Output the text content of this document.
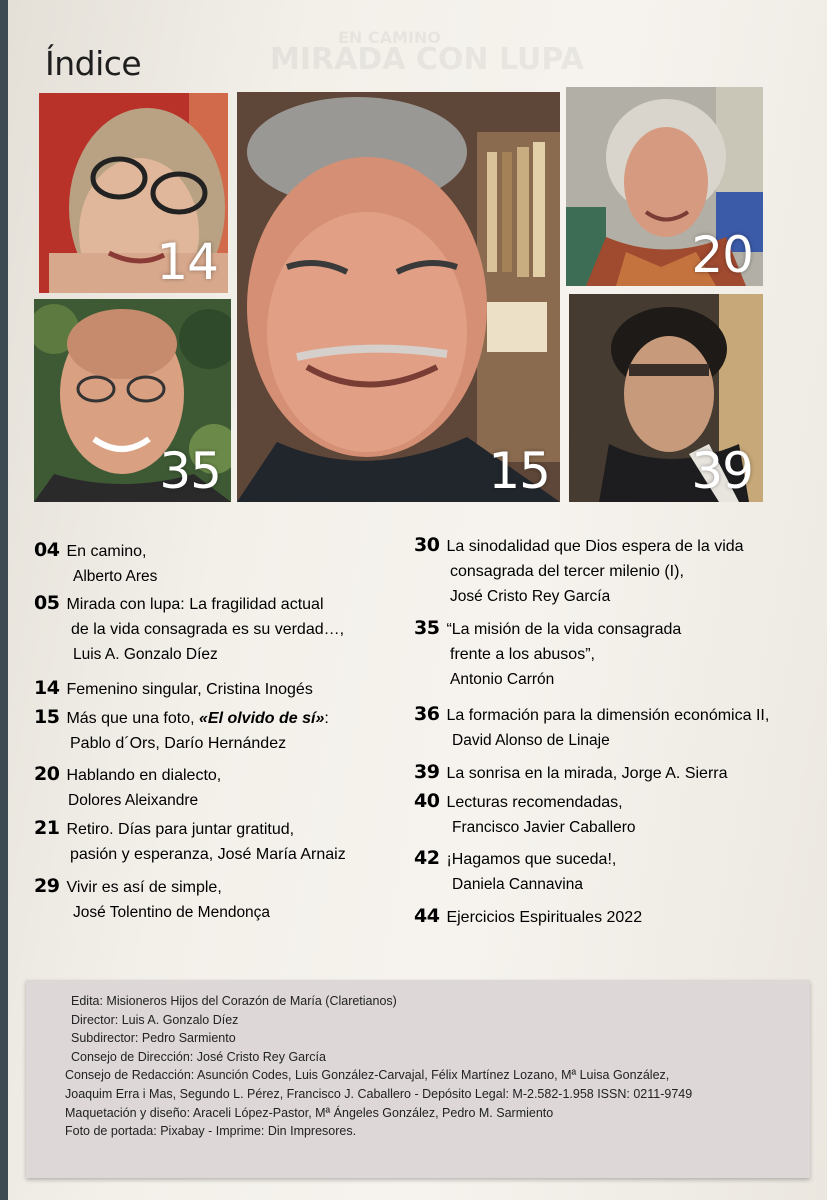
EN CAMINO
MIRADA CON LUPA
Índice
14
15
20
35	39
04 En camino,
Alberto Ares
05 Mirada con lupa: La fragilidad actual
de la vida consagrada es su verdad…,
Luis A. Gonzalo Díez
14 Femenino singular, Cristina Inogés
15 Más que una foto, «El olvido de sí»:
Pablo d´Ors, Darío Hernández
20 Hablando en dialecto,
Dolores Aleixandre
21 Retiro. Días para juntar gratitud,
pasión y esperanza, José María Arnaiz
29 Vivir es así de simple,
José Tolentino de Mendonça
30 La sinodalidad que Dios espera de la vida
consagrada del tercer milenio (I),
José Cristo Rey García
35 “La misión de la vida consagrada
frente a los abusos”,
Antonio Carrón
36 La formación para la dimensión económica II,
David Alonso de Linaje
39 La sonrisa en la mirada, Jorge A. Sierra
40 Lecturas recomendadas,
Francisco Javier Caballero
42 ¡Hagamos que suceda!,
Daniela Cannavina
44 Ejercicios Espirituales 2022
Edita: Misioneros Hijos del Corazón de María (Claretianos)
Director: Luis A. Gonzalo Díez
Subdirector: Pedro Sarmiento
Consejo de Dirección: José Cristo Rey García
Consejo de Redacción: Asunción Codes, Luis González-Carvajal, Félix Martínez Lozano, Mª Luisa González,
Joaquim Erra i Mas, Segundo L. Pérez, Francisco J. Caballero - Depósito Legal: M-2.582-1.958 ISSN: 0211-9749
Maquetación y diseño: Araceli López-Pastor, Mª Ángeles González, Pedro M. Sarmiento
Foto de portada: Pixabay - Imprime: Din Impresores.
